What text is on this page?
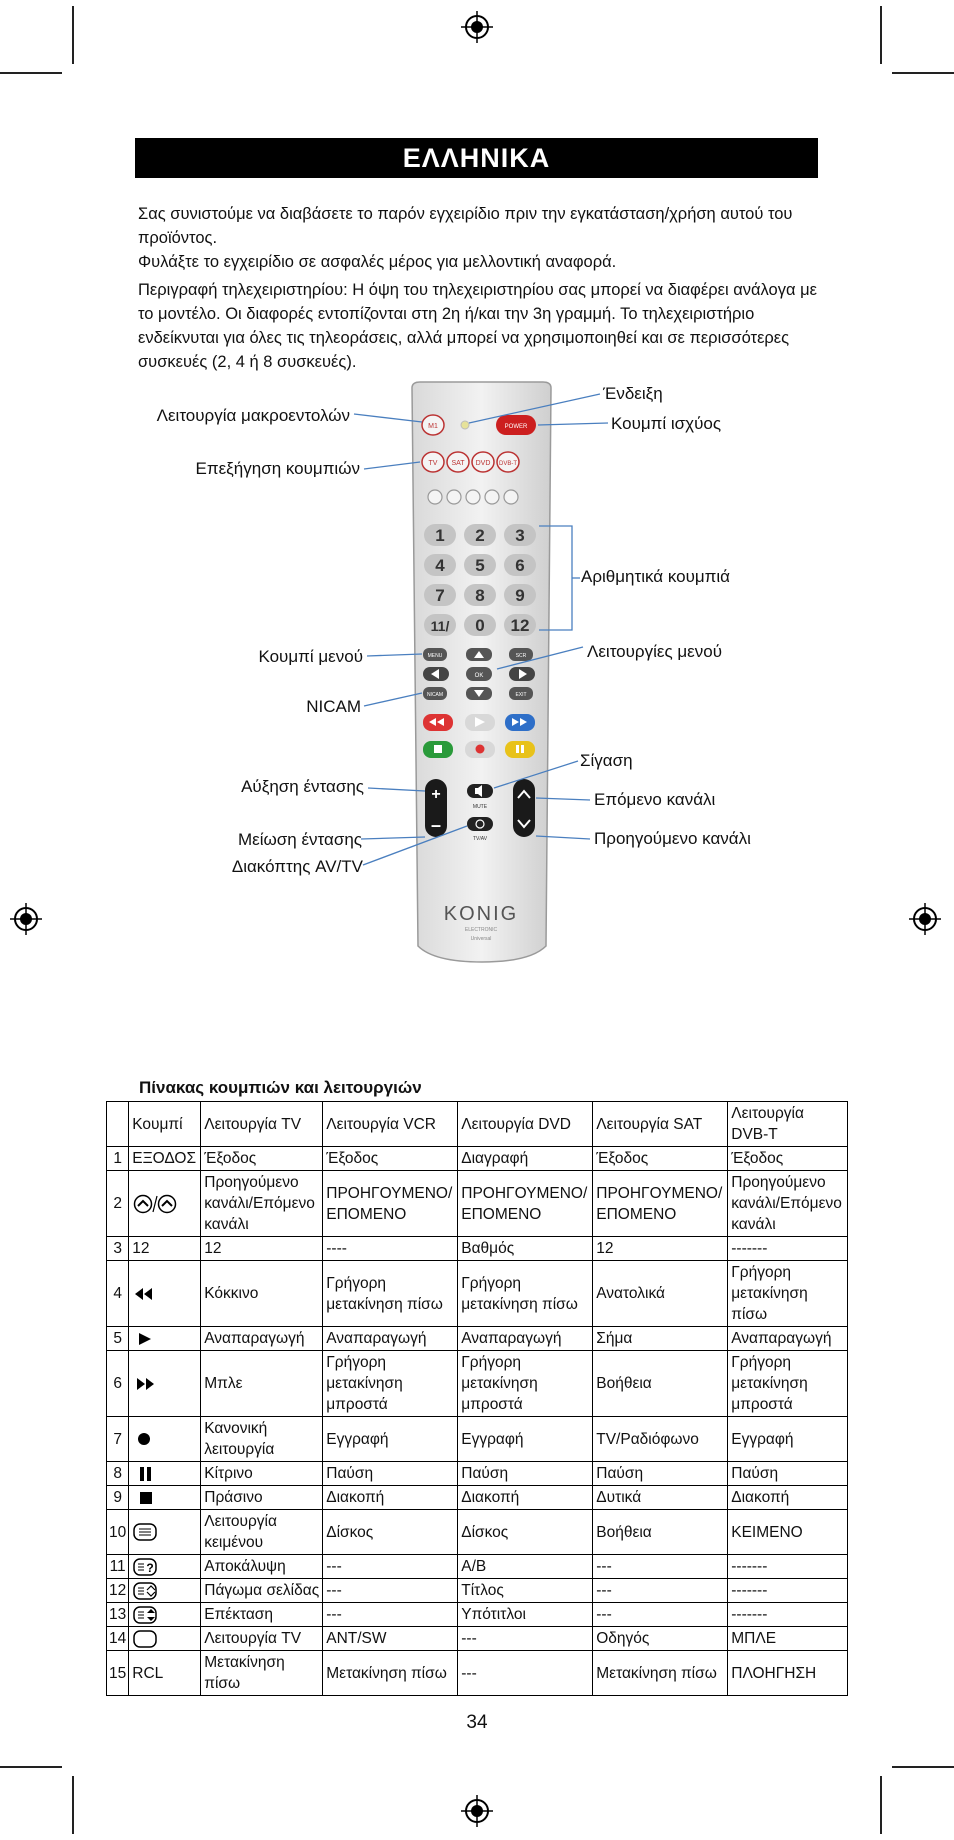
ΕΛΛΗΝΙΚΑ

Σας συνιστούμε να διαβάσετε το παρόν εγχειρίδιο πριν την εγκατάσταση/χρήση αυτού του προϊόντος.

Φυλάξτε το εγχειρίδιο σε ασφαλές μέρος για μελλοντική αναφορά.

Περιγραφή τηλεχειριστηρίου: Η όψη του τηλεχειριστηρίου σας μπορεί να διαφέρει ανάλογα με το μοντέλο. Οι διαφορές εντοπίζονται στη 2η ή/και την 3η γραμμή. Το τηλεχειριστήριο ενδείκνυται για όλες τις τηλεοράσεις, αλλά μπορεί να χρησιμοποιηθεί και σε περισσότερες συσκευές (2, 4 ή 8 συσκευές).

M1	POWER
TV SAT DVD DVB-T
1 2 3
4 5 6
7 8 9
11/ 0 12
MENU	SCR
OK
NICAM	EXIT
+
–
MUTE
TV/AV
KONIG
ELECTRONIC
Universal
Ένδειξη
Λειτουργία μακροεντολών	Κουμπί ισχύος
Επεξήγηση κουμπιών
Αριθμητικά κουμπιά
Κουμπί μενού	Λειτουργίες μενού
NICAM
Σίγαση
Αύξηση έντασης
Επόμενο κανάλι
Μείωση έντασης	Προηγούμενο κανάλι
Διακόπτης AV/TV
Πίνακας κουμπιών και λειτουργιών
	Κουμπί	Λειτουργία TV	Λειτουργία VCR	Λειτουργία DVD	Λειτουργία SAT	Λειτουργία DVB-T
1	ΕΞΟΔΟΣ	Έξοδος	Έξοδος	Διαγραφή	Έξοδος	Έξοδος
2		Προηγούμενο κανάλι/Επόμενο κανάλι	ΠΡΟΗΓΟΥΜΕΝΟ/ ΕΠΟΜΕΝΟ	ΠΡΟΗΓΟΥΜΕΝΟ/ ΕΠΟΜΕΝΟ	ΠΡΟΗΓΟΥΜΕΝΟ/ ΕΠΟΜΕΝΟ	Προηγούμενο κανάλι/Επόμενο κανάλι
3	12	12	----	Βαθμός	12	-------
4		Κόκκινο	Γρήγορη μετακίνηση πίσω	Γρήγορη μετακίνηση πίσω	Ανατολικά	Γρήγορη μετακίνηση πίσω
5		Αναπαραγωγή	Αναπαραγωγή	Αναπαραγωγή	Σήμα	Αναπαραγωγή
6		Μπλε	Γρήγορη μετακίνηση μπροστά	Γρήγορη μετακίνηση μπροστά	Βοήθεια	Γρήγορη μετακίνηση μπροστά
7		Κανονική λειτουργία	Εγγραφή	Εγγραφή	TV/Ραδιόφωνο	Εγγραφή
8		Κίτρινο	Παύση	Παύση	Παύση	Παύση
9		Πράσινο	Διακοπή	Διακοπή	Δυτικά	Διακοπή
10		Λειτουργία κειμένου	Δίσκος	Δίσκος	Βοήθεια	ΚΕΙΜΕΝΟ
11	?	Αποκάλυψη	---	A/B	---	-------
12		Πάγωμα σελίδας	---	Τίτλος	---	-------
13		Επέκταση	---	Υπότιτλοι	---	-------
14		Λειτουργία TV	ANT/SW	---	Οδηγός	ΜΠΛΕ
15	RCL	Μετακίνηση πίσω	Μετακίνηση πίσω	---	Μετακίνηση πίσω	ΠΛΟΗΓΗΣΗ
34
